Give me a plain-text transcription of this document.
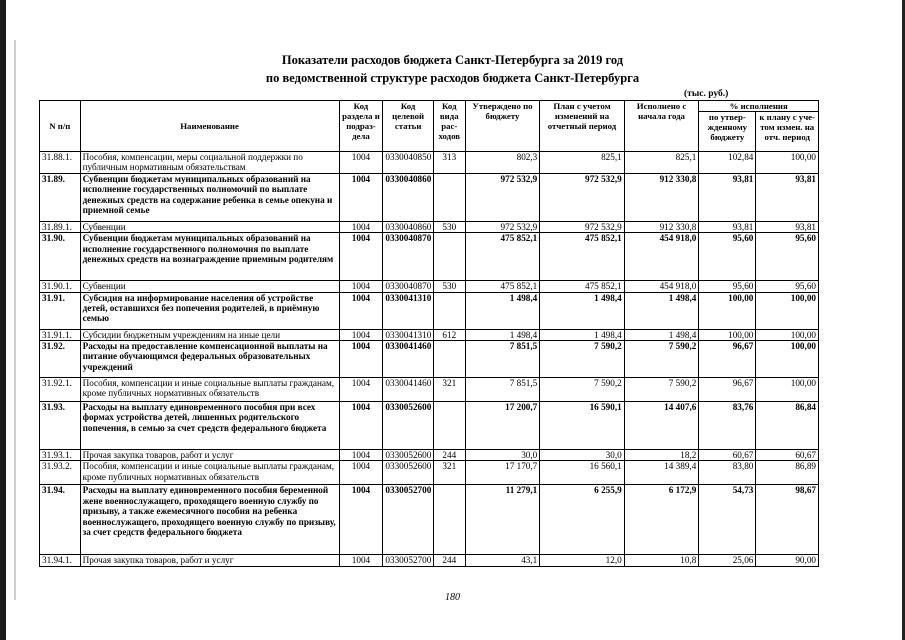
Показатели расходов бюджета Санкт-Петербурга за 2019 год
по ведомственной структуре расходов бюджета Санкт-Петербурга
(тыс. руб.)
N п/п	Наименование	Код раздела и подраз-дела	Код целевой статьи	Код вида рас-ходов	Утверждено по бюджету	План с учетом изменений на отчетный период	Исполнено с начала года	% исполнения	
								по утвер-жденному бюджету	к плану с уче-том измен. на отч. период
31.88.1.	Пособия, компенсации, меры социальной поддержки по публичным нормативным обязательствам	1004	0330040850	313	802,3	825,1	825,1	102,84	100,00
31.89.	Субвенции бюджетам муниципальных образований на исполнение государственных полномочий по выплате денежных средств на содержание ребенка в семье опекуна и приемной семье	1004	0330040860		972 532,9	972 532,9	912 330,8	93,81	93,81
31.89.1.	Субвенции	1004	0330040860	530	972 532,9	972 532,9	912 330,8	93,81	93,81
31.90.	Субвенции бюджетам муниципальных образований на исполнение государственного полномочия по выплате денежных средств на вознаграждение приемным родителям	1004	0330040870		475 852,1	475 852,1	454 918,0	95,60	95,60
31.90.1.	Субвенции	1004	0330040870	530	475 852,1	475 852,1	454 918,0	95,60	95,60
31.91.	Субсидия на информирование населения об устройстве детей, оставшихся без попечения родителей, в приёмную семью	1004	0330041310		1 498,4	1 498,4	1 498,4	100,00	100,00
31.91.1.	Субсидии бюджетным учреждениям на иные цели	1004	0330041310	612	1 498,4	1 498,4	1 498,4	100,00	100,00
31.92.	Расходы на предоставление компенсационной выплаты на питание обучающимся федеральных образовательных учреждений	1004	0330041460		7 851,5	7 590,2	7 590,2	96,67	100,00
31.92.1.	Пособия, компенсации и иные социальные выплаты гражданам, кроме публичных нормативных обязательств	1004	0330041460	321	7 851,5	7 590,2	7 590,2	96,67	100,00
31.93.	Расходы на выплату единовременного пособия при всех формах устройства детей, лишенных родительского попечения, в семью за счет средств федерального бюджета	1004	0330052600		17 200,7	16 590,1	14 407,6	83,76	86,84
31.93.1.	Прочая закупка товаров, работ и услуг	1004	0330052600	244	30,0	30,0	18,2	60,67	60,67
31.93.2.	Пособия, компенсации и иные социальные выплаты гражданам, кроме публичных нормативных обязательств	1004	0330052600	321	17 170,7	16 560,1	14 389,4	83,80	86,89
31.94.	Расходы на выплату единовременного пособия беременной жене военнослужащего, проходящего военную службу по призыву, а также ежемесячного пособия на ребенка военнослужащего, проходящего военную службу по призыву, за счет средств федерального бюджета	1004	0330052700		11 279,1	6 255,9	6 172,9	54,73	98,67
31.94.1.	Прочая закупка товаров, работ и услуг	1004	0330052700	244	43,1	12,0	10,8	25,06	90,00
180
